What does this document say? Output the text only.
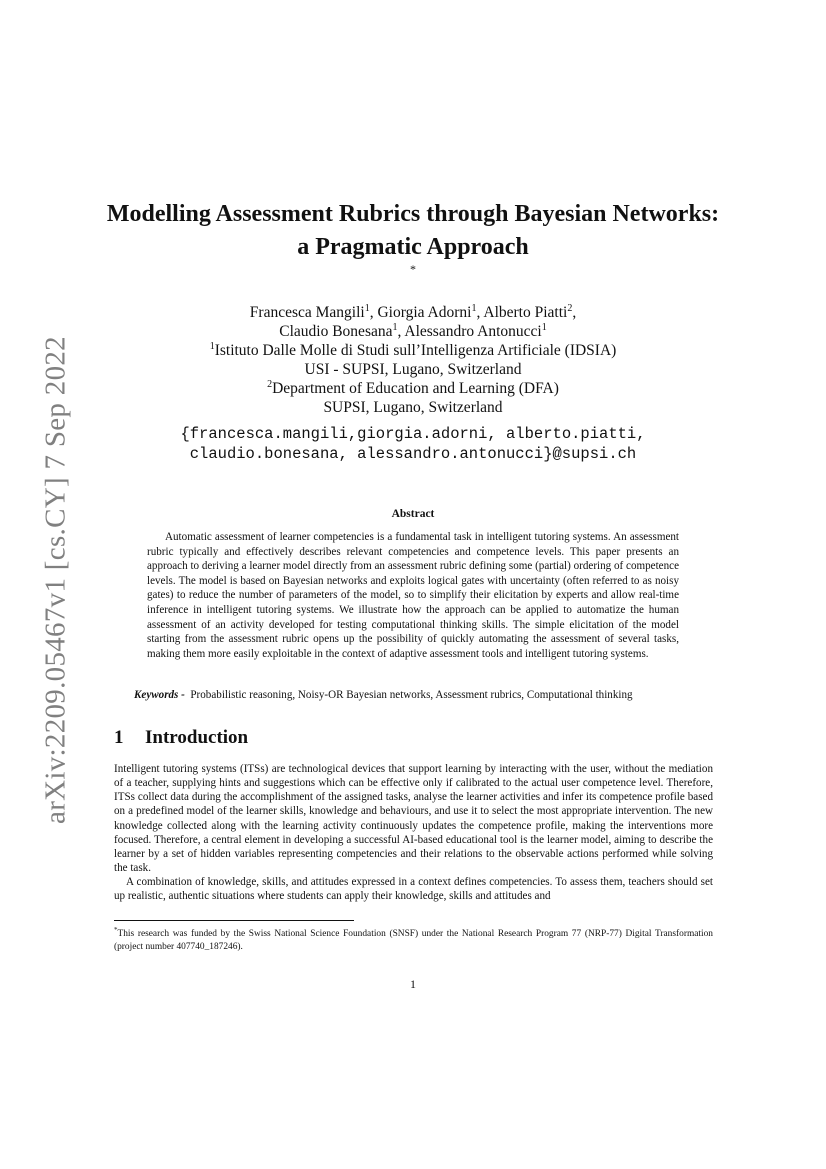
arXiv:2209.05467v1 [cs.CY] 7 Sep 2022
Modelling Assessment Rubrics through Bayesian Networks: a Pragmatic Approach
*
Francesca Mangili$^1$, Giorgia Adorni$^1$, Alberto Piatti$^2$,
Claudio Bonesana$^1$, Alessandro Antonucci$^1$
$^1$Istituto Dalle Molle di Studi sull’Intelligenza Artificiale (IDSIA)
USI - SUPSI, Lugano, Switzerland
$^2$Department of Education and Learning (DFA)
SUPSI, Lugano, Switzerland
{francesca.mangili,giorgia.adorni, alberto.piatti,
claudio.bonesana, alessandro.antonucci}@supsi.ch
Abstract

Automatic assessment of learner competencies is a fundamental task in intelligent tutoring systems. An assessment rubric typically and effectively describes relevant competencies and competence levels. This paper presents an approach to deriving a learner model directly from an assessment rubric defining some (partial) ordering of competence levels. The model is based on Bayesian networks and exploits logical gates with uncertainty (often referred to as noisy gates) to reduce the number of parameters of the model, so to simplify their elicitation by experts and allow real-time inference in intelligent tutoring systems. We illustrate how the approach can be applied to automatize the human assessment of an activity developed for testing computational thinking skills. The simple elicitation of the model starting from the assessment rubric opens up the possibility of quickly automating the assessment of several tasks, making them more easily exploitable in the context of adaptive assessment tools and intelligent tutoring systems.

Keywords - Probabilistic reasoning, Noisy-OR Bayesian networks, Assessment rubrics, Computational thinking
1 Introduction

Intelligent tutoring systems (ITSs) are technological devices that support learning by interacting with the user, without the mediation of a teacher, supplying hints and suggestions which can be effective only if calibrated to the actual user competence level. Therefore, ITSs collect data during the accomplishment of the assigned tasks, analyse the learner activities and infer its competence profile based on a predefined model of the learner skills, knowledge and behaviours, and use it to select the most appropriate intervention. The new knowledge collected along with the learning activity continuously updates the competence profile, making the interventions more focused. Therefore, a central element in developing a successful AI-based educational tool is the learner model, aiming to describe the learner by a set of hidden variables representing competencies and their relations to the observable actions performed while solving the task.

A combination of knowledge, skills, and attitudes expressed in a context defines competencies. To assess them, teachers should set up realistic, authentic situations where students can apply their knowledge, skills and attitudes and

*This research was funded by the Swiss National Science Foundation (SNSF) under the National Research Program 77 (NRP-77) Digital Transformation (project number 407740_187246).

1
